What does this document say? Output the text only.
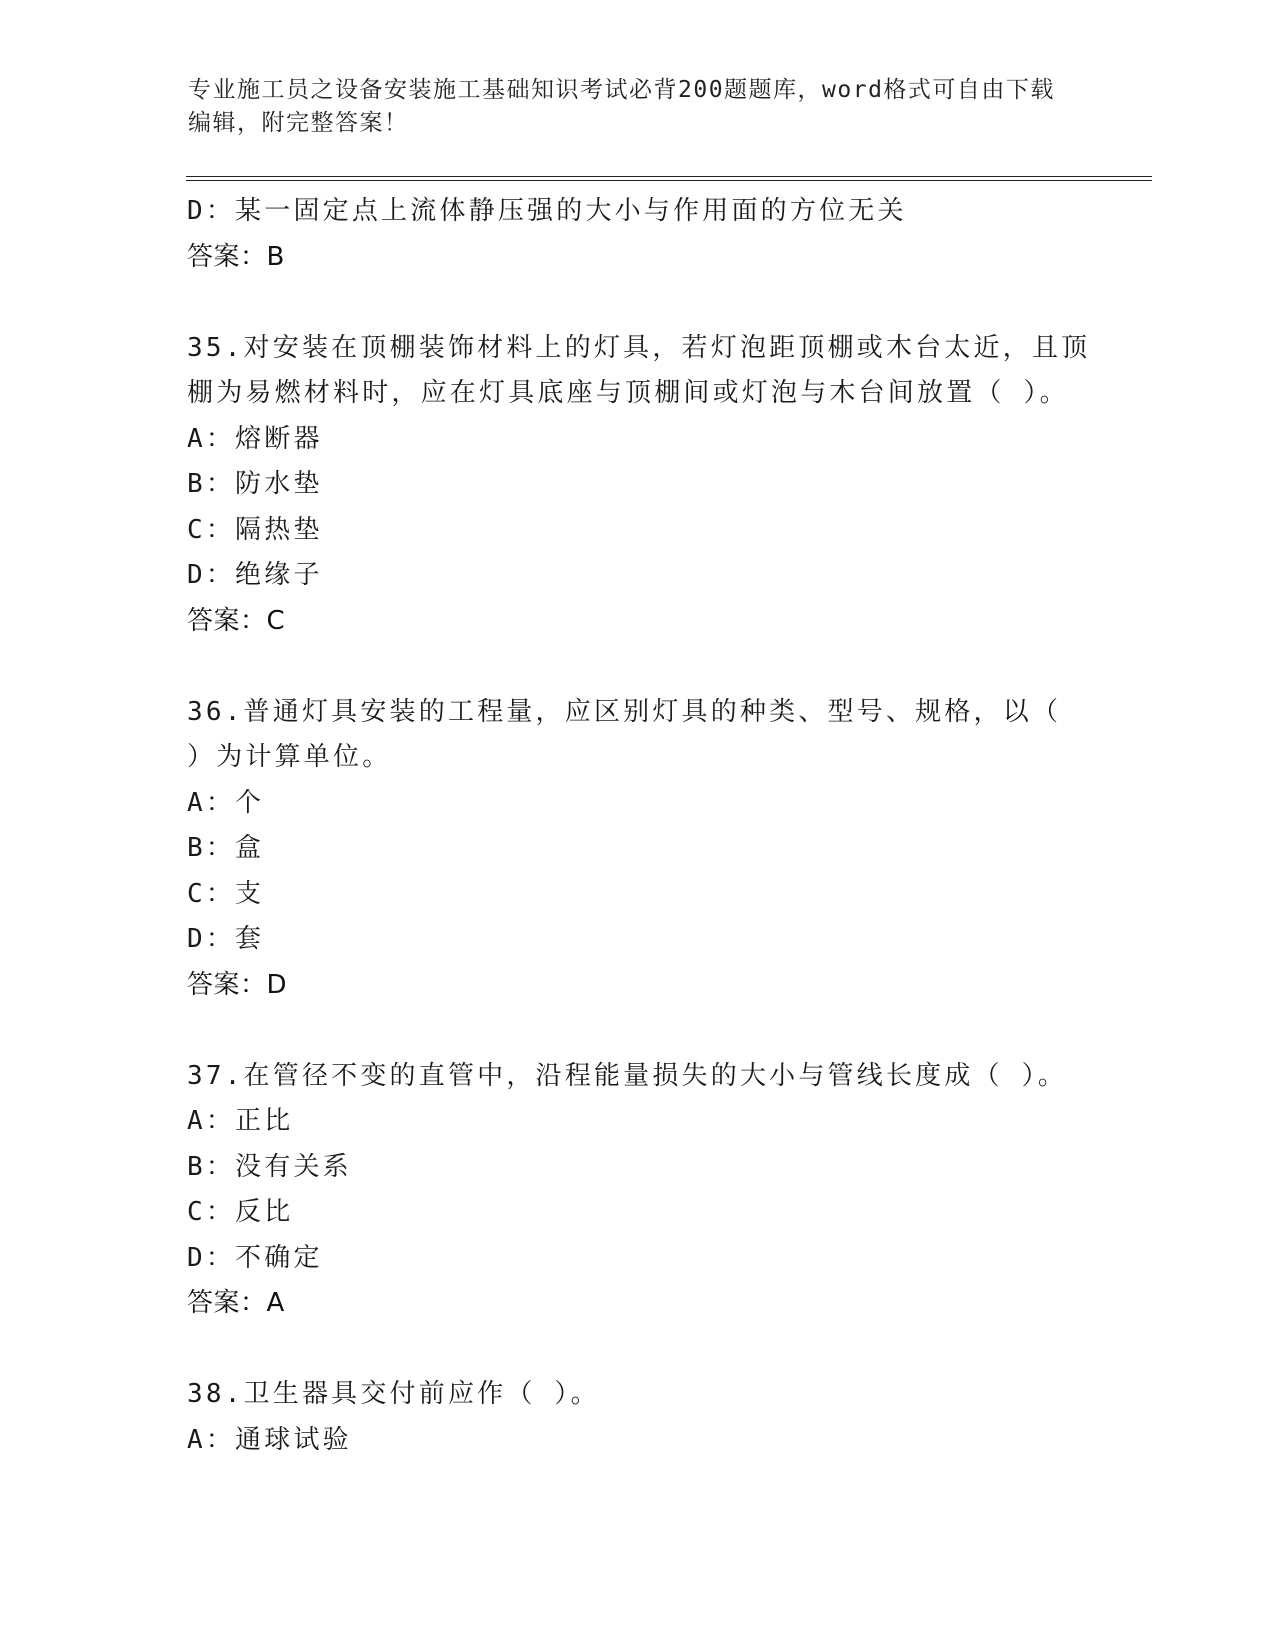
专业施工员之设备安装施工基础知识考试必背200题题库，word格式可自由下载
编辑，附完整答案！
D：某一固定点上流体静压强的大小与作用面的方位无关
答案：B
35.对安装在顶棚装饰材料上的灯具，若灯泡距顶棚或木台太近，且顶
棚为易燃材料时，应在灯具底座与顶棚间或灯泡与木台间放置（ ）。
A：熔断器
B：防水垫
C：隔热垫
D：绝缘子
答案：C
36.普通灯具安装的工程量，应区别灯具的种类、型号、规格，以（
）为计算单位。
A：个
B：盒
C：支
D：套
答案：D
37.在管径不变的直管中，沿程能量损失的大小与管线长度成（ ）。
A：正比
B：没有关系
C：反比
D：不确定
答案：A
38.卫生器具交付前应作（ ）。
A：通球试验
